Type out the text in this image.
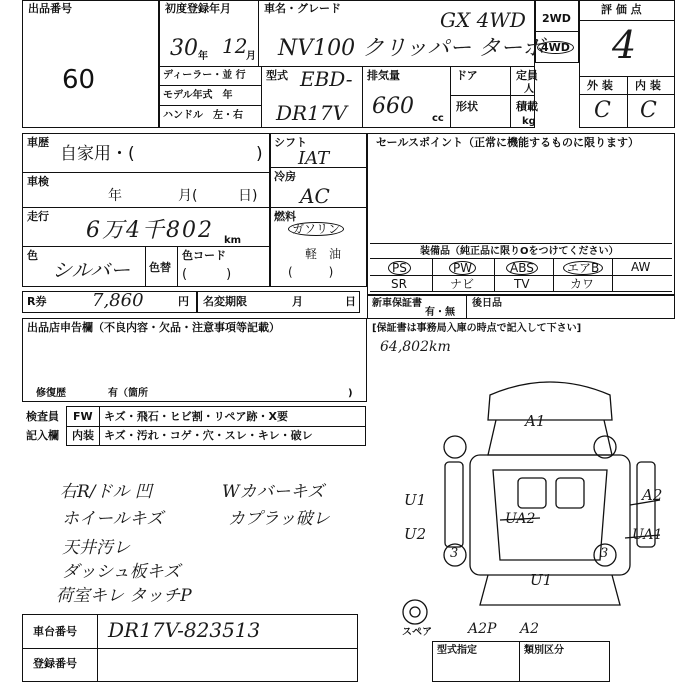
出品番号
60
初度登録年月
30 年 12
月
車名・グレード	GX 4WD
NV100 クリッパー ターボ
2WD
4WD
ディーラー・並 行
モデル年式　年
ハンドル　左・右
型式 EBD-
DR17V
排気量
660 cc
ドア
形状
定員
人
積載
kg
評 価 点
4
外 装 内 装
C C
車歴
自家用・(	)
車検
年	月(	日)
走行
6万4千802 km
色
シルバー 色替
色コード
(　　　)
シフト
IAT
冷房
AC
燃料
ガソリン
軽　油
(　　　)
セールスポイント（正常に機能するものに限ります）
装備品（純正品に限りOをつけてください）
PS	PW	ABS	エアB	AW
SR	ナビ	TV	カワ
R券	7,860	円 名変期限	月	日 新車保証書
有・無
後日品
[保証書は事務局入庫の時点で記入して下さい]
64,802km
出品店申告欄（不良内容・欠品・注意事項等記載）
修復歴	有（箇所	)
検査員
記入欄
FW キズ・飛石・ヒビ割・リペア跡・X要
内装 キズ・汚れ・コゲ・穴・スレ・キレ・破レ
右R/ドル 凹
ホイールキズ
天井汚レ
ダッシュ板キズ
荷室キレ タッチP
Wカバーキズ
カプラッ破レ
車台番号 DR17V-823513
登録番号
型式指定	類別区分
A1
U1
U2
UA2
U1
A2
UA1
A2P A2
3	3
スペア
